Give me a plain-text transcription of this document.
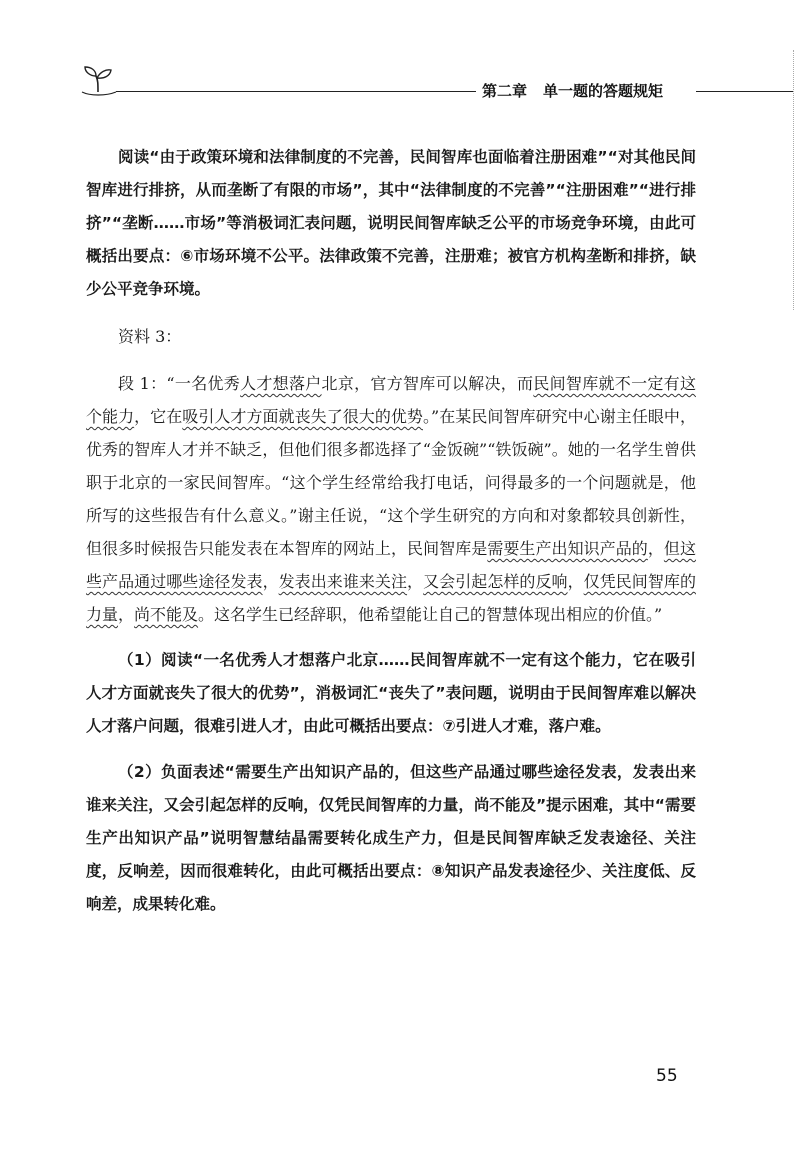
第二章 单一题的答题规矩

阅读“由于政策环境和法律制度的不完善，民间智库也面临着注册困难”“对其他民间智库进行排挤，从而垄断了有限的市场”，其中“法律制度的不完善”“注册困难”“进行排挤”“垄断……市场”等消极词汇表问题，说明民间智库缺乏公平的市场竞争环境，由此可概括出要点：⑥市场环境不公平。法律政策不完善，注册难；被官方机构垄断和排挤，缺少公平竞争环境。

资料 3：

段 1：“一名优秀人才想落户北京，官方智库可以解决，而民间智库就不一定有这个能力，它在吸引人才方面就丧失了很大的优势。”在某民间智库研究中心谢主任眼中，优秀的智库人才并不缺乏，但他们很多都选择了“金饭碗”“铁饭碗”。她的一名学生曾供职于北京的一家民间智库。“这个学生经常给我打电话，问得最多的一个问题就是，他所写的这些报告有什么意义。”谢主任说，“这个学生研究的方向和对象都较具创新性，但很多时候报告只能发表在本智库的网站上，民间智库是需要生产出知识产品的，但这些产品通过哪些途径发表，发表出来谁来关注，又会引起怎样的反响，仅凭民间智库的力量，尚不能及。这名学生已经辞职，他希望能让自己的智慧体现出相应的价值。”

（1）阅读“一名优秀人才想落户北京……民间智库就不一定有这个能力，它在吸引人才方面就丧失了很大的优势”，消极词汇“丧失了”表问题，说明由于民间智库难以解决人才落户问题，很难引进人才，由此可概括出要点：⑦引进人才难，落户难。

（2）负面表述“需要生产出知识产品的，但这些产品通过哪些途径发表，发表出来谁来关注，又会引起怎样的反响，仅凭民间智库的力量，尚不能及”提示困难，其中“需要生产出知识产品”说明智慧结晶需要转化成生产力，但是民间智库缺乏发表途径、关注度，反响差，因而很难转化，由此可概括出要点：⑧知识产品发表途径少、关注度低、反响差，成果转化难。

55
